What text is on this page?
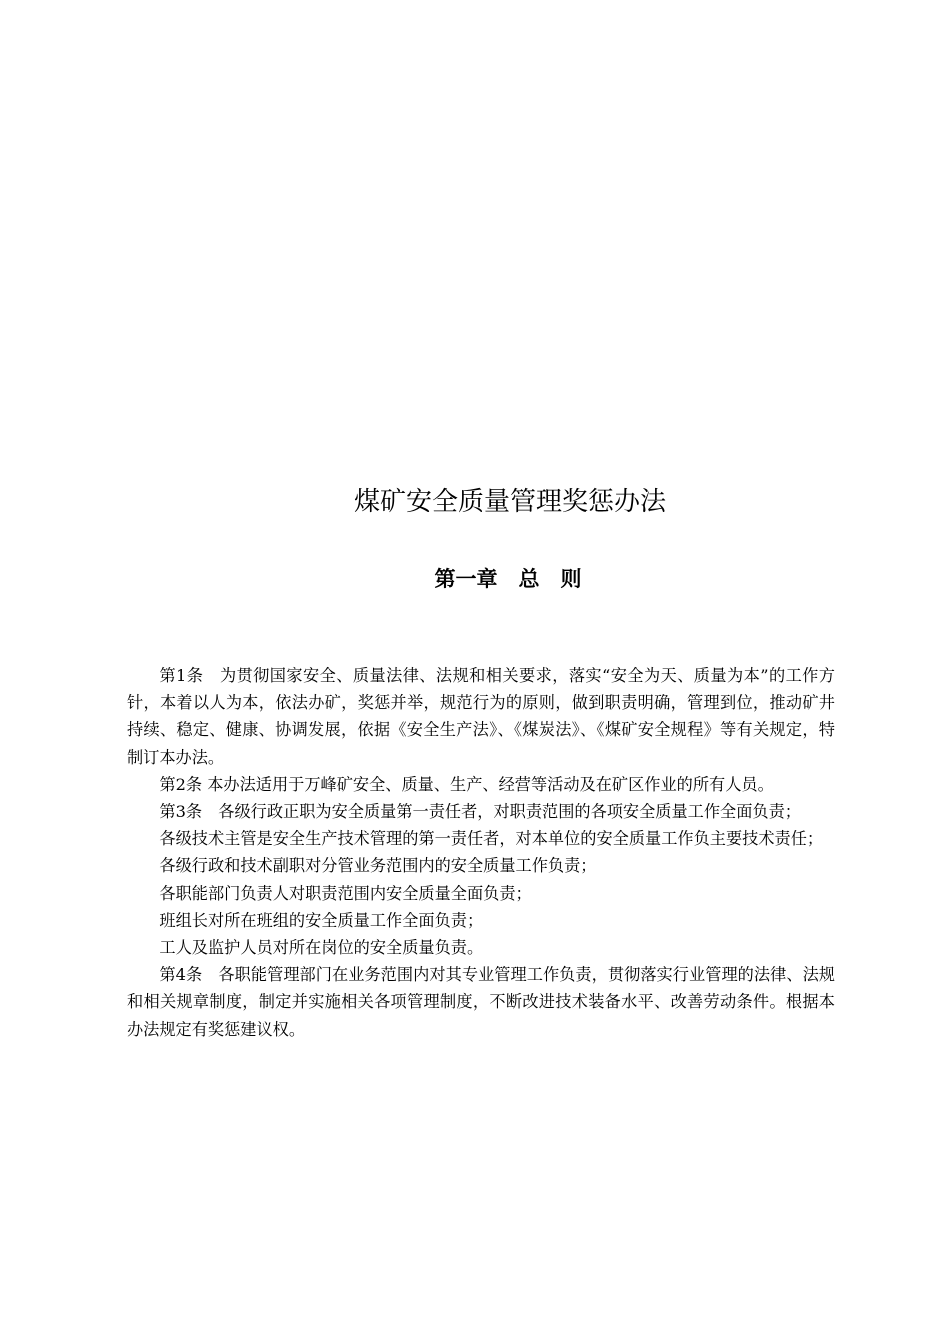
煤矿安全质量管理奖惩办法
第一章　总　则

第1条　为贯彻国家安全、质量法律、法规和相关要求，落实“安全为天、质量为本”的工作方针，本着以人为本，依法办矿，奖惩并举，规范行为的原则，做到职责明确，管理到位，推动矿井持续、稳定、健康、协调发展，依据《安全生产法》、《煤炭法》、《煤矿安全规程》等有关规定，特制订本办法。

第2条 本办法适用于万峰矿安全、质量、生产、经营等活动及在矿区作业的所有人员。

第3条　各级行政正职为安全质量第一责任者，对职责范围的各项安全质量工作全面负责；

各级技术主管是安全生产技术管理的第一责任者，对本单位的安全质量工作负主要技术责任；

各级行政和技术副职对分管业务范围内的安全质量工作负责；

各职能部门负责人对职责范围内安全质量全面负责；

班组长对所在班组的安全质量工作全面负责；

工人及监护人员对所在岗位的安全质量负责。

第4条　各职能管理部门在业务范围内对其专业管理工作负责，贯彻落实行业管理的法律、法规和相关规章制度，制定并实施相关各项管理制度，不断改进技术装备水平、改善劳动条件。根据本办法规定有奖惩建议权。
